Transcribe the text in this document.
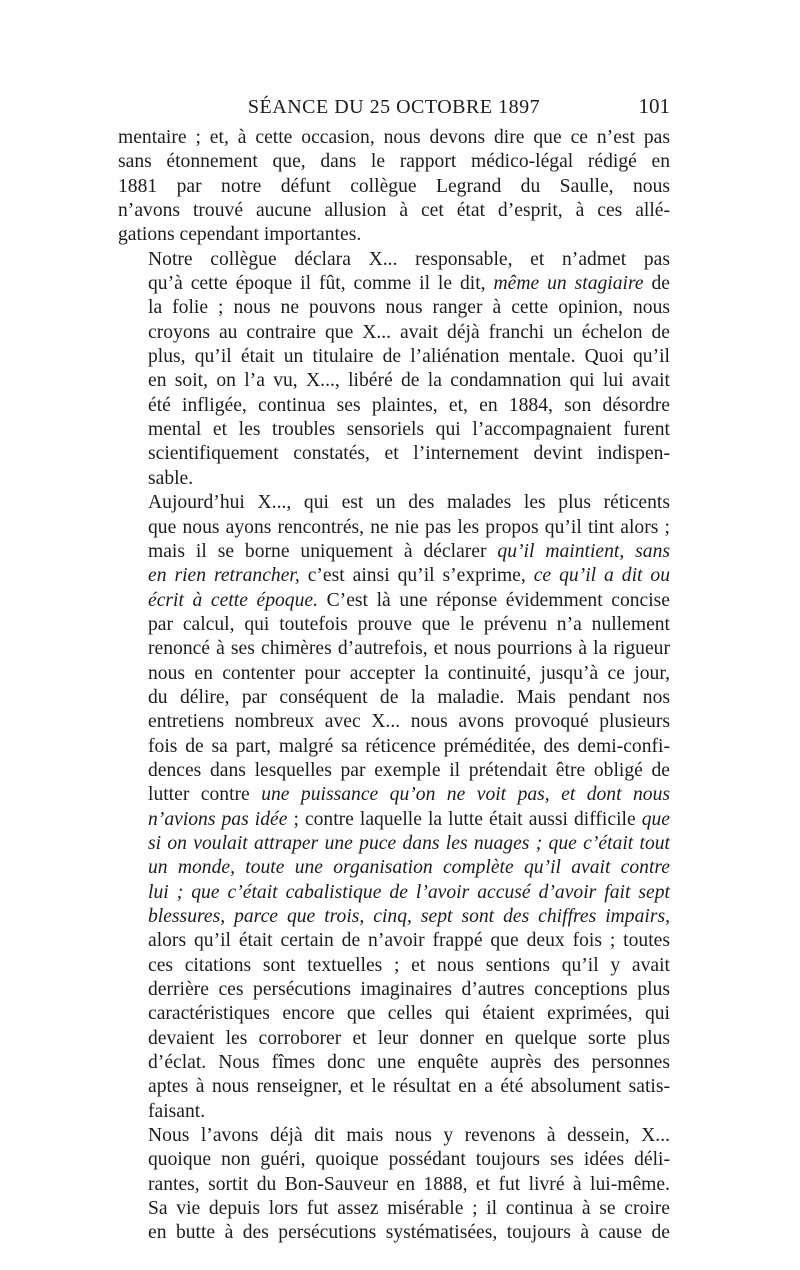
SÉANCE DU 25 OCTOBRE 1897	101

mentaire ; et, à cette occasion, nous devons dire que ce n’est pas
sans étonnement que, dans le rapport médico-légal rédigé en
1881 par notre défunt collègue Legrand du Saulle, nous
n’avons trouvé aucune allusion à cet état d’esprit, à ces allé-
gations cependant importantes.

Notre collègue déclara X... responsable, et n’admet pas
qu’à cette époque il fût, comme il le dit, même un stagiaire de
la folie ; nous ne pouvons nous ranger à cette opinion, nous
croyons au contraire que X... avait déjà franchi un échelon de
plus, qu’il était un titulaire de l’aliénation mentale. Quoi qu’il
en soit, on l’a vu, X..., libéré de la condamnation qui lui avait
été infligée, continua ses plaintes, et, en 1884, son désordre
mental et les troubles sensoriels qui l’accompagnaient furent
scientifiquement constatés, et l’internement devint indispen-
sable.

Aujourd’hui X..., qui est un des malades les plus réticents
que nous ayons rencontrés, ne nie pas les propos qu’il tint alors ;
mais il se borne uniquement à déclarer qu’il maintient, sans
en rien retrancher, c’est ainsi qu’il s’exprime, ce qu’il a dit ou
écrit à cette époque. C’est là une réponse évidemment concise
par calcul, qui toutefois prouve que le prévenu n’a nullement
renoncé à ses chimères d’autrefois, et nous pourrions à la rigueur
nous en contenter pour accepter la continuité, jusqu’à ce jour,
du délire, par conséquent de la maladie. Mais pendant nos
entretiens nombreux avec X... nous avons provoqué plusieurs
fois de sa part, malgré sa réticence préméditée, des demi-confi-
dences dans lesquelles par exemple il prétendait être obligé de
lutter contre une puissance qu’on ne voit pas, et dont nous
n’avions pas idée ; contre laquelle la lutte était aussi difficile que
si on voulait attraper une puce dans les nuages ; que c’était tout
un monde, toute une organisation complète qu’il avait contre
lui ; que c’était cabalistique de l’avoir accusé d’avoir fait sept
blessures, parce que trois, cinq, sept sont des chiffres impairs,
alors qu’il était certain de n’avoir frappé que deux fois ; toutes
ces citations sont textuelles ; et nous sentions qu’il y avait
derrière ces persécutions imaginaires d’autres conceptions plus
caractéristiques encore que celles qui étaient exprimées, qui
devaient les corroborer et leur donner en quelque sorte plus
d’éclat. Nous fîmes donc une enquête auprès des personnes
aptes à nous renseigner, et le résultat en a été absolument satis-
faisant.

Nous l’avons déjà dit mais nous y revenons à dessein, X...
quoique non guéri, quoique possédant toujours ses idées déli-
rantes, sortit du Bon-Sauveur en 1888, et fut livré à lui-même.
Sa vie depuis lors fut assez misérable ; il continua à se croire
en butte à des persécutions systématisées, toujours à cause de
